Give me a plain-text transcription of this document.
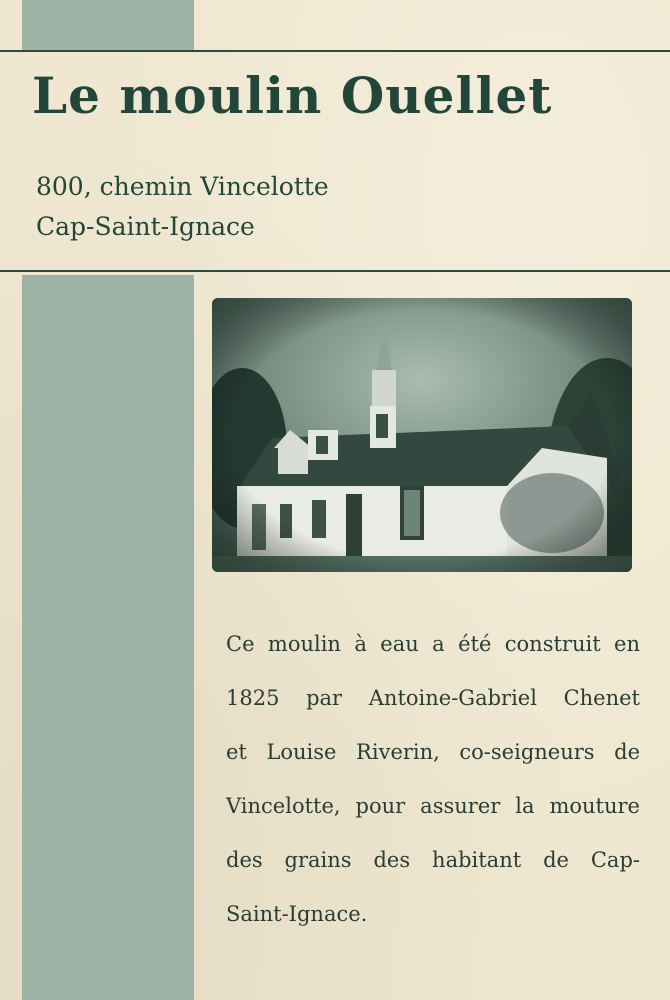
Le moulin Ouellet

800, chemin Vincelotte

Cap-Saint-Ignace

Ce moulin à eau a été construit en
1825 par Antoine-Gabriel Chenet
et Louise Riverin, co-seigneurs de
Vincelotte, pour assurer la mouture
des grains des habitant de Cap-
Saint-Ignace.
